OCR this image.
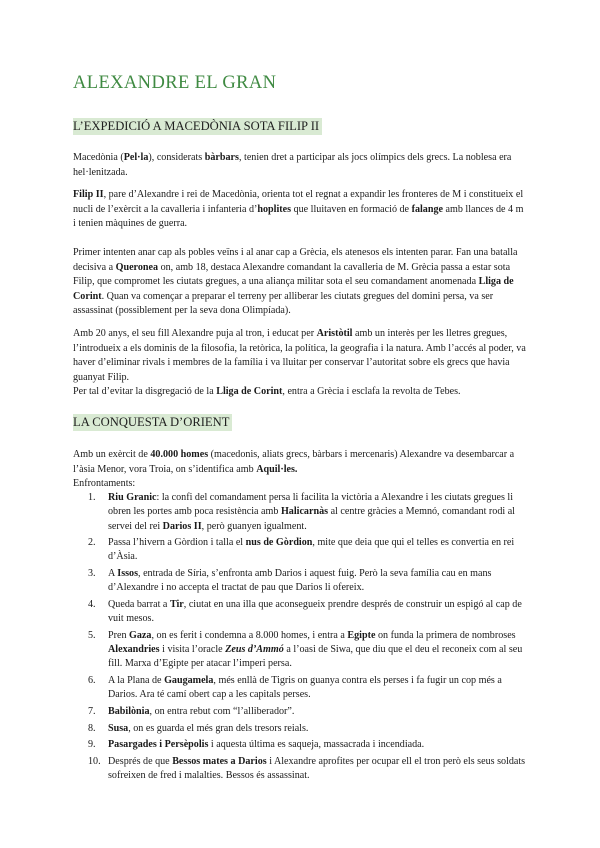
ALEXANDRE EL GRAN
L’EXPEDICIÓ A MACEDÒNIA SOTA FILIP II

Macedònia (Pel·la), considerats bàrbars, tenien dret a participar als jocs olímpics dels grecs. La noblesa era hel·lenitzada.

Filip II, pare d’Alexandre i rei de Macedònia, orienta tot el regnat a expandir les fronteres de M i constitueix el nucli de l’exèrcit a la cavalleria i infanteria d’hoplites que lluitaven en formació de falange amb llances de 4 m i tenien màquines de guerra.

Primer intenten anar cap als pobles veïns i al anar cap a Grècia, els atenesos els intenten parar. Fan una batalla decisiva a Queronea on, amb 18, destaca Alexandre comandant la cavalleria de M. Grècia passa a estar sota Filip, que compromet les ciutats gregues, a una aliança militar sota el seu comandament anomenada Lliga de Corint. Quan va començar a preparar el terreny per alliberar les ciutats gregues del domini persa, va ser assassinat (possiblement per la seva dona Olimpíada).

Amb 20 anys, el seu fill Alexandre puja al tron, i educat per Aristòtil amb un interès per les lletres gregues, l’introdueix a els dominis de la filosofia, la retòrica, la política, la geografia i la natura. Amb l’accés al poder, va haver d’eliminar rivals i membres de la família i va lluitar per conservar l’autoritat sobre els grecs que havia guanyat Filip.

Per tal d’evitar la disgregació de la Lliga de Corint, entra a Grècia i esclafa la revolta de Tebes.

LA CONQUESTA D’ORIENT

Amb un exèrcit de 40.000 homes (macedonis, aliats grecs, bàrbars i mercenaris) Alexandre va desembarcar a l’àsia Menor, vora Troia, on s’identifica amb Aquil·les.

Enfrontaments:

1.	Riu Granic: la confi del comandament persa li facilita la victòria a Alexandre i les ciutats gregues li obren les portes amb poca resistència amb Halicarnàs al centre gràcies a Memnó, comandant rodi al servei del rei Darios II, però guanyen igualment.
2.	Passa l’hivern a Gòrdion i talla el nus de Gòrdion, mite que deia que qui el telles es convertia en rei d’Àsia.
3.	A Issos, entrada de Síria, s’enfronta amb Darios i aquest fuig. Però la seva família cau en mans d’Alexandre i no accepta el tractat de pau que Darios li ofereix.
4.	Queda barrat a Tir, ciutat en una illa que aconsegueix prendre després de construir un espigó al cap de vuit mesos.
5.	Pren Gaza, on es ferit i condemna a 8.000 homes, i entra a Egipte on funda la primera de nombroses Alexandries i visita l’oracle Zeus d’Ammó a l’oasi de Siwa, que diu que el deu el reconeix com al seu fill. Marxa d’Egipte per atacar l’imperi persa.
6.	A la Plana de Gaugamela, més enllà de Tigris on guanya contra els perses i fa fugir un cop més a Darios. Ara té camí obert cap a les capitals perses.
7.	Babilònia, on entra rebut com “l’alliberador”.
8.	Susa, on es guarda el més gran dels tresors reials.
9.	Pasargades i Persèpolis i aquesta última es saqueja, massacrada i incendiada.
10. Després de que Bessos mates a Darios i Alexandre aprofites per ocupar ell el tron però els seus soldats sofreixen de fred i malalties. Bessos és assassinat.
